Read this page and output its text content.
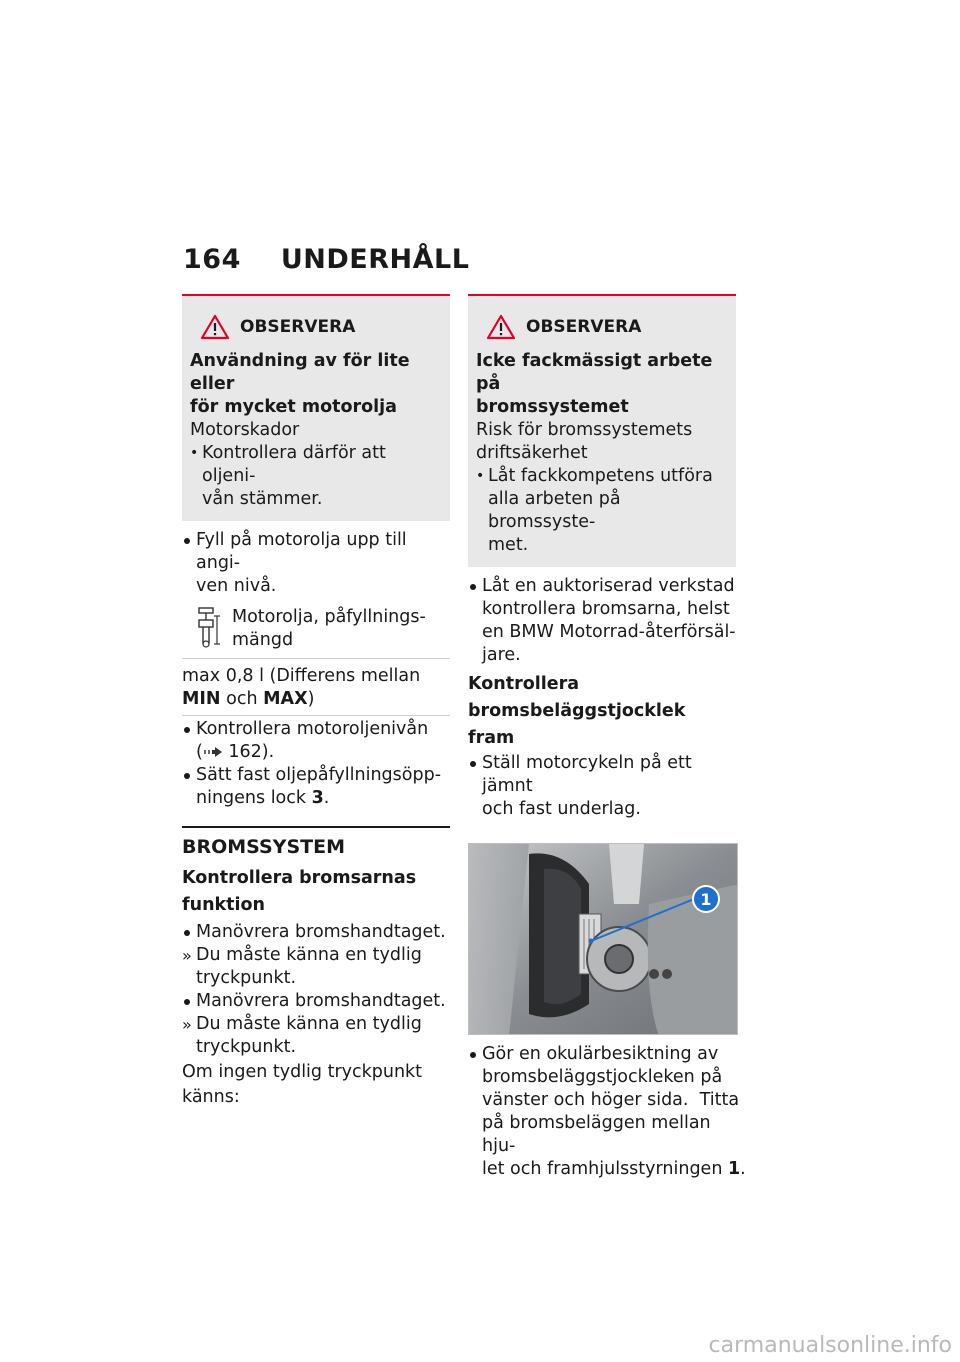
164 UNDERHÅLL
OBSERVERA
Användning av för lite eller
för mycket motorolja
Motorskador
• Kontrollera därför att oljeni-
vån stämmer.
Fyll på motorolja upp till angi-
ven nivå.
Motorolja, påfyllnings-
mängd
max 0,8 l (Differens mellan
MIN och MAX)
Kontrollera motoroljenivån
( 162).
Sätt fast oljepåfyllningsöpp-
ningens lock 3.
BROMSSYSTEM
Kontrollera bromsarnas
funktion
Manövrera bromshandtaget.
» Du måste känna en tydlig
tryckpunkt.
Manövrera bromshandtaget.
» Du måste känna en tydlig
tryckpunkt.
Om ingen tydlig tryckpunkt
känns:
OBSERVERA
Icke fackmässigt arbete på
bromssystemet
Risk för bromssystemets
driftsäkerhet
• Låt fackkompetens utföra
alla arbeten på bromssyste-
met.
Låt en auktoriserad verkstad
kontrollera bromsarna, helst
en BMW Motorrad-återförsäl-
jare.
Kontrollera
bromsbeläggstjocklek fram
Ställ motorcykeln på ett jämnt
och fast underlag.
1
Gör en okulärbesiktning av
bromsbeläggstjockleken på
vänster och höger sida.  Titta
på bromsbeläggen mellan hju-
let och framhjulsstyrningen 1.
carmanualsonline.info
